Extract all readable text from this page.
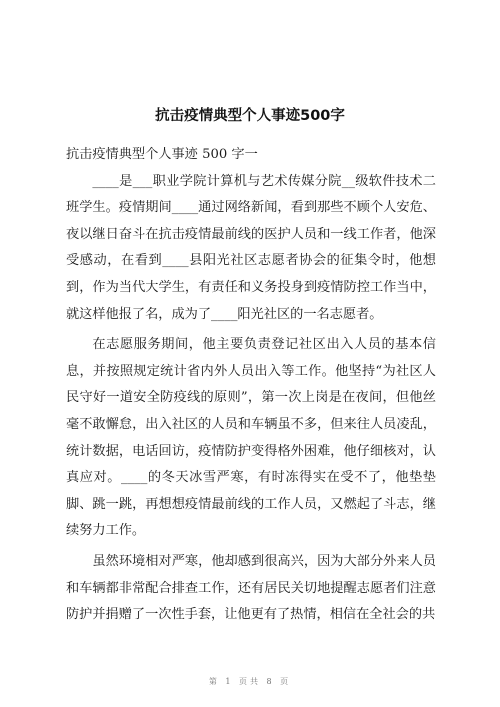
抗击疫情典型个人事迹500字

抗击疫情典型个人事迹 500 字一

____是___职业学院计算机与艺术传媒分院__级软件技术二班学生。疫情期间____通过网络新闻，看到那些不顾个人安危、夜以继日奋斗在抗击疫情最前线的医护人员和一线工作者，他深受感动，在看到____县阳光社区志愿者协会的征集令时，他想到，作为当代大学生，有责任和义务投身到疫情防控工作当中，就这样他报了名，成为了____阳光社区的一名志愿者。

在志愿服务期间，他主要负责登记社区出入人员的基本信息，并按照规定统计省内外人员出入等工作。他坚持“为社区人民守好一道安全防疫线的原则”，第一次上岗是在夜间，但他丝毫不敢懈怠，出入社区的人员和车辆虽不多，但来往人员凌乱，统计数据，电话回访，疫情防护变得格外困难，他仔细核对，认真应对。____的冬天冰雪严寒，有时冻得实在受不了，他垫垫脚、跳一跳，再想想疫情最前线的工作人员，又燃起了斗志，继续努力工作。

虽然环境相对严寒，他却感到很高兴，因为大部分外来人员和车辆都非常配合排查工作，还有居民关切地提醒志愿者们注意防护并捐赠了一次性手套，让他更有了热情，相信在全社会的共

第 1 页共 8 页
